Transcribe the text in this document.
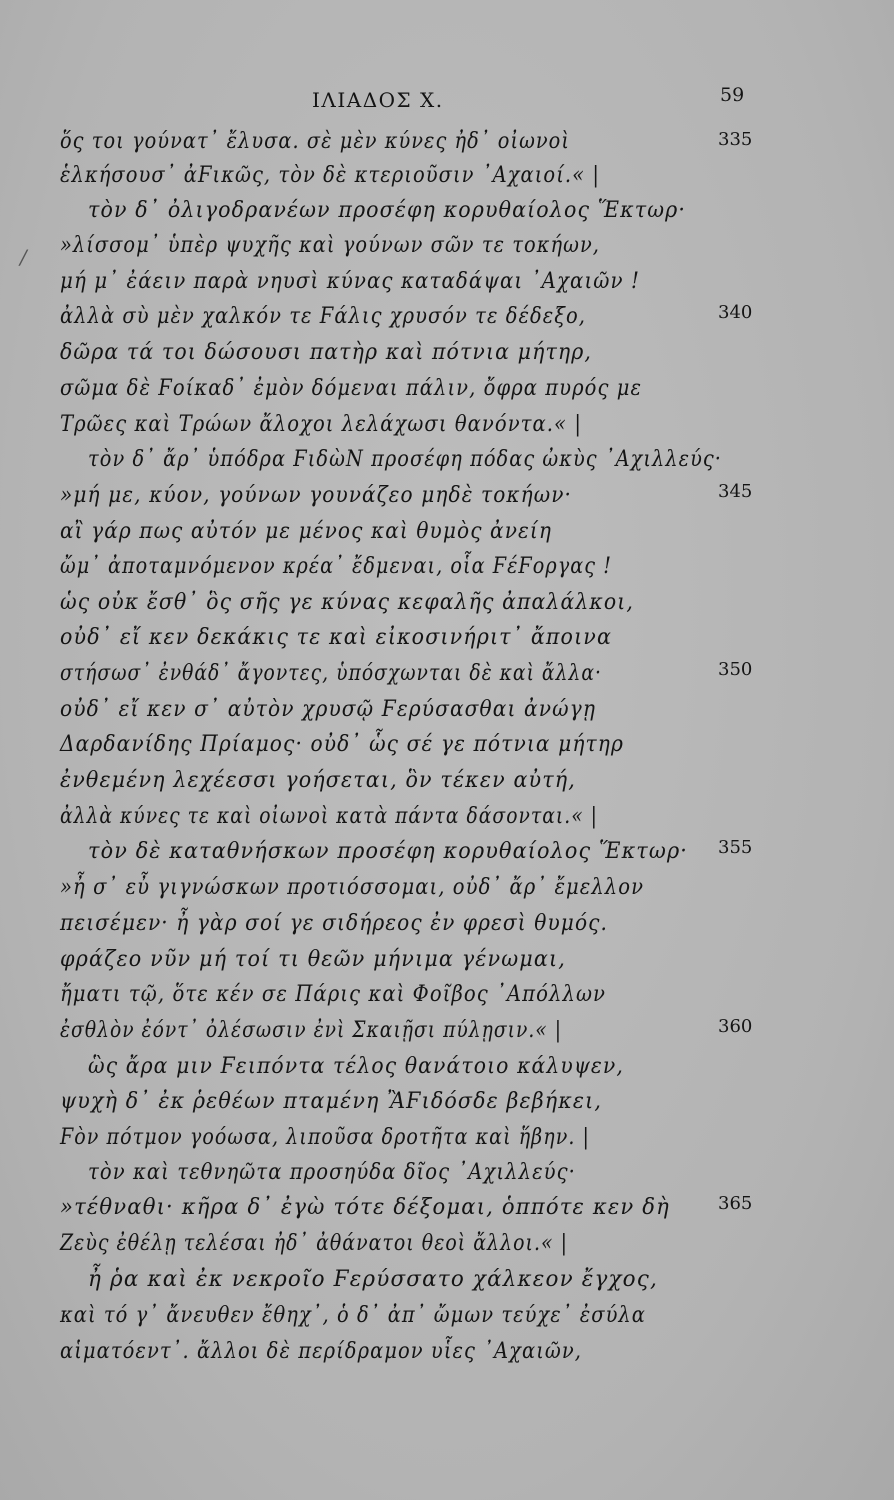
ΙΛΙΑΔΟΣ Χ.	59
/
ὅς τοι γούνατ᾽ ἔλυσα. σὲ μὲν κύνες ἠδ᾽ οἰωνοὶ	335
ἑλκήσουσ᾽ ἀϜικῶς, τὸν δὲ κτεριοῦσιν ᾽Αχαιοί.« |
τὸν δ᾽ ὀλιγοδρανέων προσέφη κορυθαίολος Ἕκτωρ·
»λίσσομ᾽ ὑπὲρ ψυχῆς καὶ γούνων σῶν τε τοκήων,
μή μ᾽ ἐάειν παρὰ νηυσὶ κύνας καταδάψαι ᾽Αχαιῶν !
ἀλλὰ σὺ μὲν χαλκόν τε Ϝάλις χρυσόν τε δέδεξο,	340
δῶρα τά τοι δώσουσι πατὴρ καὶ πότνια μήτηρ,
σῶμα δὲ Ϝοίκαδ᾽ ἐμὸν δόμεναι πάλιν, ὄφρα πυρός με
Τρῶες καὶ Τρώων ἄλοχοι λελάχωσι θανόντα.« |
τὸν δ᾽ ἄρ᾽ ὑπόδρα ϜιδὼΝ προσέφη πόδας ὠκὺς ᾽Αχιλλεύς·
»μή με, κύον, γούνων γουνάζεο μηδὲ τοκήων·	345
αἲ γάρ πως αὐτόν με μένος καὶ θυμὸς ἀνείη
ὤμ᾽ ἀποταμνόμενον κρέα᾽ ἔδμεναι, οἷα ϜέϜοργας !
ὡς οὐκ ἔσθ᾽ ὃς σῆς γε κύνας κεφαλῆς ἀπαλάλκοι,
οὐδ᾽ εἴ κεν δεκάκις τε καὶ εἰκοσινήριτ᾽ ἄποινα
στήσωσ᾽ ἐνθάδ᾽ ἄγοντες, ὑπόσχωνται δὲ καὶ ἄλλα·	350
οὐδ᾽ εἴ κεν σ᾽ αὐτὸν χρυσῷ Ϝερύσασθαι ἀνώγῃ
Δαρδανίδης Πρίαμος· οὐδ᾽ ὧς σέ γε πότνια μήτηρ
ἐνθεμένη λεχέεσσι γοήσεται, ὃν τέκεν αὐτή,
ἀλλὰ κύνες τε καὶ οἰωνοὶ κατὰ πάντα δάσονται.« |
τὸν δὲ καταθνήσκων προσέφη κορυθαίολος Ἕκτωρ· 355
»ἦ σ᾽ εὖ γιγνώσκων προτιόσσομαι, οὐδ᾽ ἄρ᾽ ἔμελλον
πεισέμεν· ἦ γὰρ σοί γε σιδήρεος ἐν φρεσὶ θυμός.
φράζεο νῦν μή τοί τι θεῶν μήνιμα γένωμαι,
ἤματι τῷ, ὅτε κέν σε Πάρις καὶ Φοῖβος ᾽Απόλλων
ἐσθλὸν ἐόντ᾽ ὀλέσωσιν ἐνὶ Σκαιῇσι πύλῃσιν.« |	360
ὣς ἄρα μιν Ϝειπόντα τέλος θανάτοιο κάλυψεν,
ψυχὴ δ᾽ ἐκ ῥεθέων πταμένη ἊϜιδόσδε βεβήκει,
Ϝὸν πότμον γοόωσα, λιποῦσα δροτῆτα καὶ ἥβην. |
τὸν καὶ τεθνηῶτα προσηύδα δῖος ᾽Αχιλλεύς·
»τέθναθι· κῆρα δ᾽ ἐγὼ τότε δέξομαι, ὁππότε κεν δὴ	365
Ζεὺς ἐθέλῃ τελέσαι ἠδ᾽ ἀθάνατοι θεοὶ ἄλλοι.« |
ἦ ῥα καὶ ἐκ νεκροῖο Ϝερύσσατο χάλκεον ἔγχος,
καὶ τό γ᾽ ἄνευθεν ἔθηχ᾽, ὁ δ᾽ ἀπ᾽ ὤμων τεύχε᾽ ἐσύλα
αἱματόεντ᾽. ἄλλοι δὲ περίδραμον υἷες ᾽Αχαιῶν,
